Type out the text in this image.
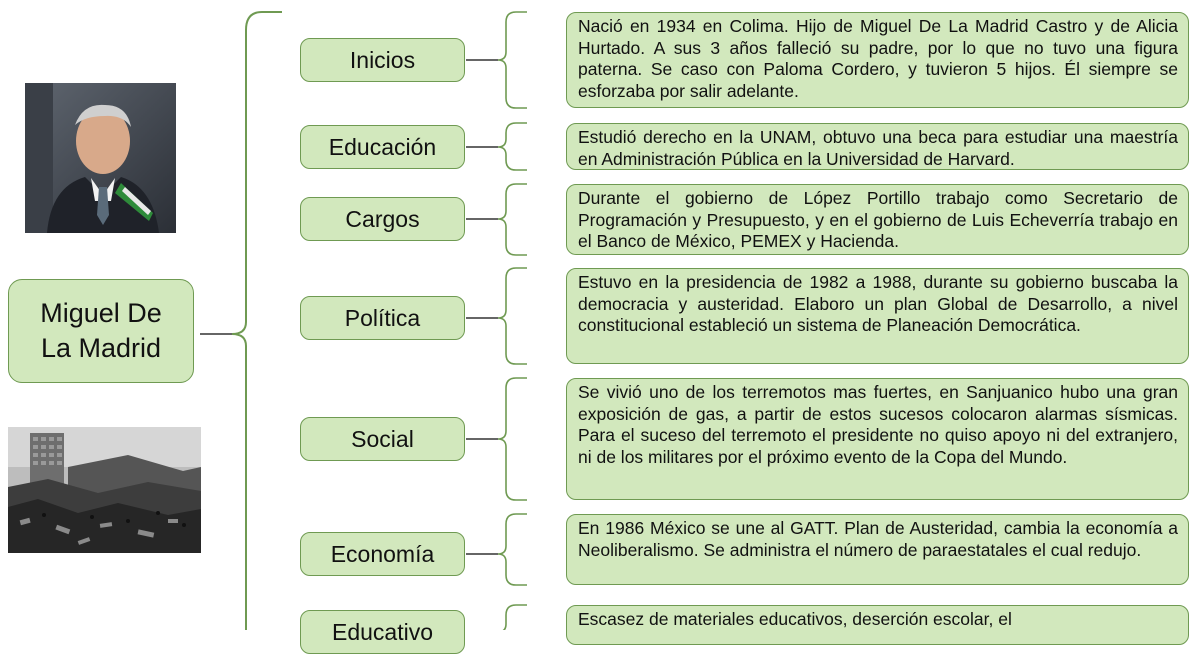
Miguel De La Madrid
Inicios
Nació en 1934 en Colima. Hijo de Miguel De La Madrid Castro y de Alicia Hurtado. A sus 3 años falleció su padre, por lo que no tuvo una figura paterna. Se caso con Paloma Cordero, y tuvieron 5 hijos. Él siempre se esforzaba por salir adelante.
Educación	Estudió derecho en la UNAM, obtuvo una beca para estudiar una maestría en Administración Pública en la Universidad de Harvard.
Cargos
Durante el gobierno de López Portillo trabajo como Secretario de Programación y Presupuesto, y en el gobierno de Luis Echeverría trabajo en el Banco de México, PEMEX y Hacienda.
Política
Estuvo en la presidencia de 1982 a 1988, durante su gobierno buscaba la democracia y austeridad. Elaboro un plan Global de Desarrollo, a nivel constitucional estableció un sistema de Planeación Democrática.
Social
Se vivió uno de los terremotos mas fuertes, en Sanjuanico hubo una gran exposición de gas, a partir de estos sucesos colocaron alarmas sísmicas. Para el suceso del terremoto el presidente no quiso apoyo ni del extranjero, ni de los militares por el próximo evento de la Copa del Mundo.
Economía
En 1986 México se une al GATT. Plan de Austeridad, cambia la economía a Neoliberalismo. Se administra el número de paraestatales el cual redujo.
Educativo	Escasez de materiales educativos, deserción escolar, el
